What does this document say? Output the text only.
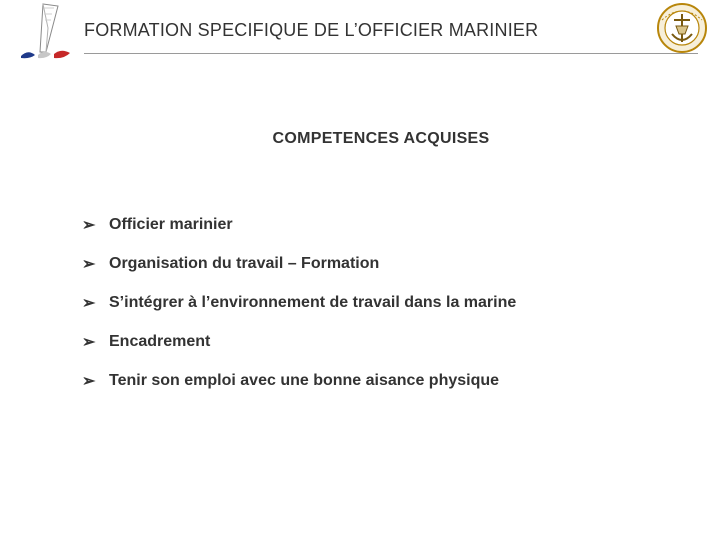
FORMATION SPECIFIQUE DE L’OFFICIER MARINIER
COMPETENCES ACQUISES
➢ Officier marinier
➢ Organisation du travail – Formation
➢ S’intégrer à l’environnement de travail dans la marine
➢ Encadrement
➢ Tenir son emploi avec une bonne aisance physique
